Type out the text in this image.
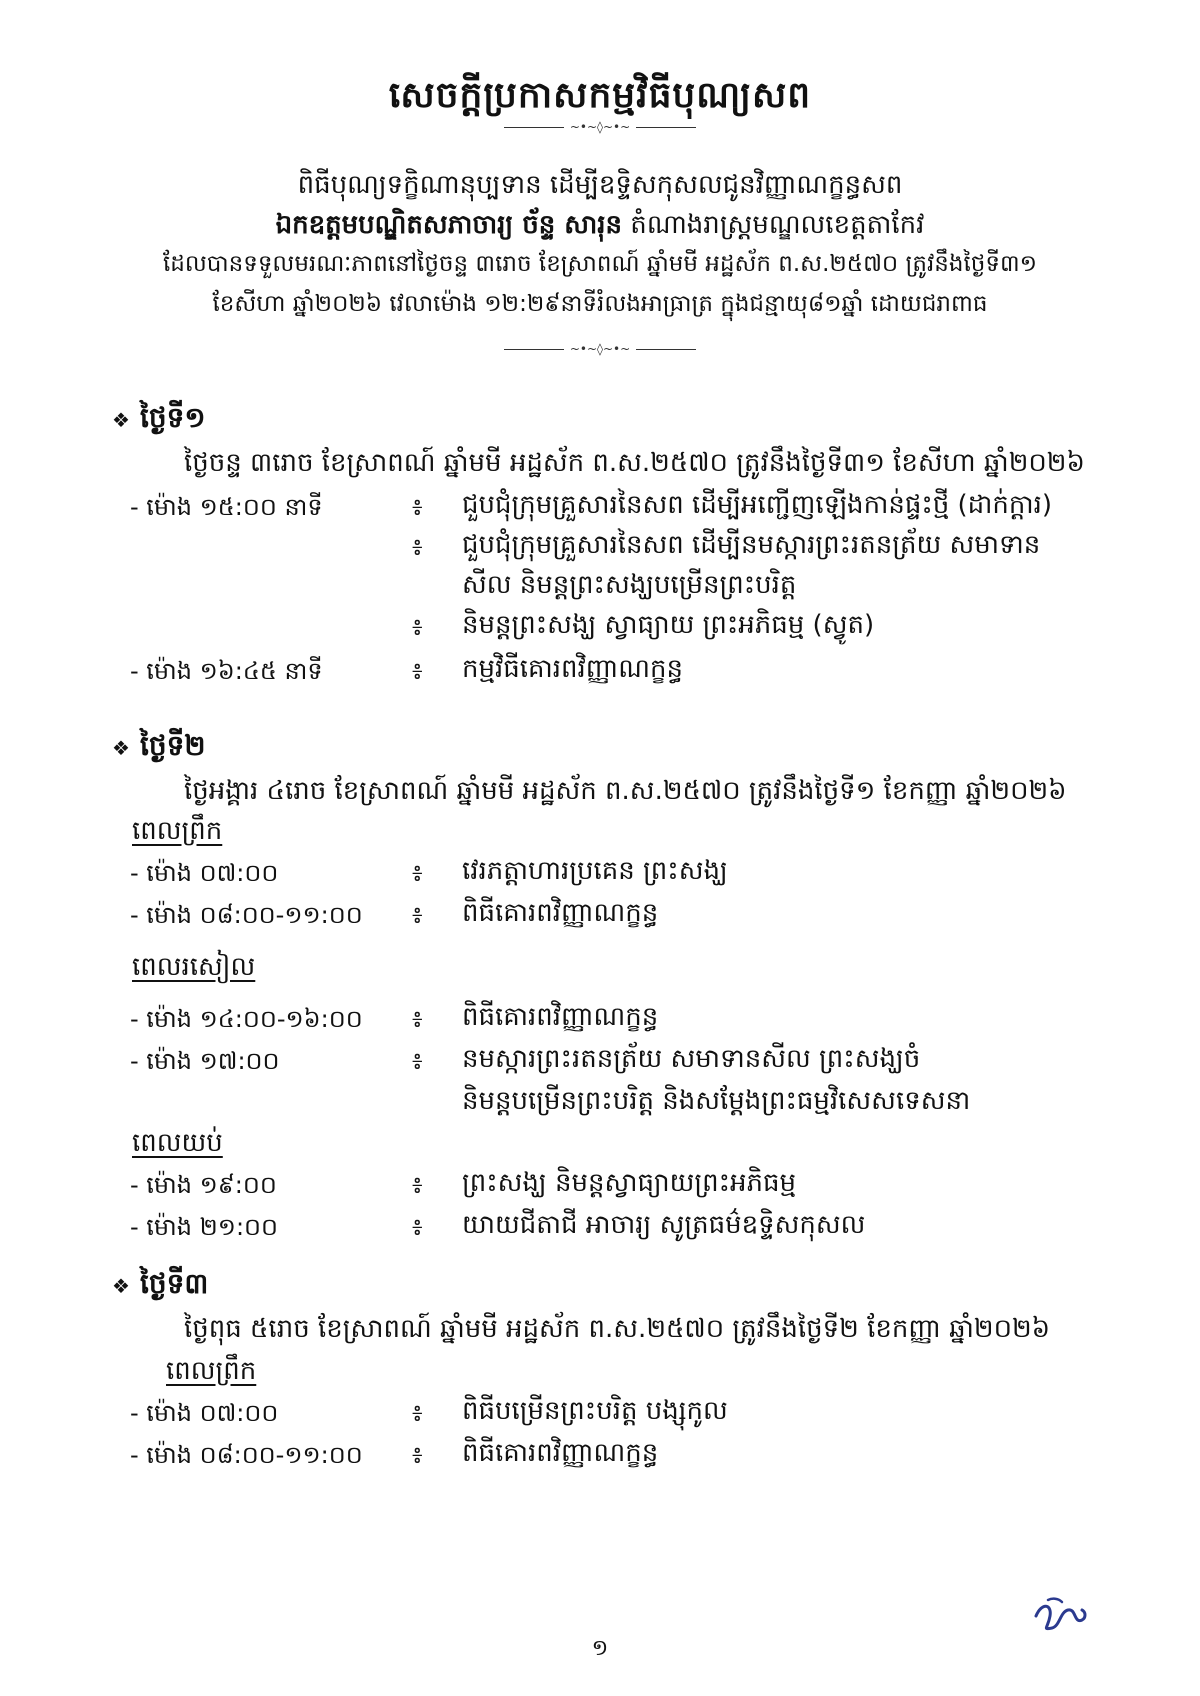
សេចក្តីប្រកាសកម្មវិធីបុណ្យសព
~•~◊~•~
ពិធីបុណ្យទក្ខិណានុប្បទាន ដើម្បីឧទ្ទិសកុសលជូនវិញ្ញាណក្ខន្ធសព
ឯកឧត្តមបណ្ឌិតសភាចារ្យ ច័ន្ទ សារុន តំណាងរាស្ត្រមណ្ឌលខេត្តតាកែវ
ដែលបានទទួលមរណៈភាពនៅថ្ងៃចន្ទ ៣រោច ខែស្រាពណ៍ ឆ្នាំមមី អដ្ឋស័ក ព.ស.២៥៧០ ត្រូវនឹងថ្ងៃទី៣១
ខែសីហា ឆ្នាំ២០២៦ វេលាម៉ោង ១២:២៩នាទីរំលងអាធ្រាត្រ ក្នុងជន្មាយុ៨១ឆ្នាំ ដោយជរាពាធ
~•~◊~•~
❖ ថ្ងៃទី១
ថ្ងៃចន្ទ ៣រោច ខែស្រាពណ៍ ឆ្នាំមមី អដ្ឋស័ក ព.ស.២៥៧០ ត្រូវនឹងថ្ងៃទី៣១ ខែសីហា ឆ្នាំ២០២៦
- ម៉ោង ១៥:០០ នាទី	៖ ជួបជុំក្រុមគ្រួសារនៃសព ដើម្បីអញ្ជើញឡើងកាន់ផ្ទះថ្មី (ដាក់ក្តារ)
៖ ជួបជុំក្រុមគ្រួសារនៃសព ដើម្បីនមស្ការព្រះរតនត្រ័យ សមាទាន
សីល និមន្តព្រះសង្ឃបម្រើនព្រះបរិត្ត
៖ និមន្តព្រះសង្ឃ ស្វាធ្យាយ ព្រះអភិធម្ម (ស្វូត)
- ម៉ោង ១៦:៤៥ នាទី	៖ កម្មវិធីគោរពវិញ្ញាណក្ខន្ធ
❖ ថ្ងៃទី២
ថ្ងៃអង្គារ ៤រោច ខែស្រាពណ៍ ឆ្នាំមមី អដ្ឋស័ក ព.ស.២៥៧០ ត្រូវនឹងថ្ងៃទី១ ខែកញ្ញា ឆ្នាំ២០២៦
ពេលព្រឹក
- ម៉ោង ០៧:០០	៖ វេរភត្តាហារប្រគេន ព្រះសង្ឃ
- ម៉ោង ០៨:០០-១១:០០ ៖ ពិធីគោរពវិញ្ញាណក្ខន្ធ
ពេលរសៀល
- ម៉ោង ១៤:០០-១៦:០០ ៖ ពិធីគោរពវិញ្ញាណក្ខន្ធ
- ម៉ោង ១៧:០០	៖ នមស្ការព្រះរតនត្រ័យ សមាទានសីល ព្រះសង្ឃចំ
និមន្តបម្រើនព្រះបរិត្ត និងសម្តែងព្រះធម្មវិសេសទេសនា
ពេលយប់
- ម៉ោង ១៩:០០	៖ ព្រះសង្ឃ និមន្តស្វាធ្យាយព្រះអភិធម្ម
- ម៉ោង ២១:០០	៖ យាយជីតាជី អាចារ្យ សូត្រធម៌ឧទ្ទិសកុសល
❖ ថ្ងៃទី៣
ថ្ងៃពុធ ៥រោច ខែស្រាពណ៍ ឆ្នាំមមី អដ្ឋស័ក ព.ស.២៥៧០ ត្រូវនឹងថ្ងៃទី២ ខែកញ្ញា ឆ្នាំ២០២៦
ពេលព្រឹក
- ម៉ោង ០៧:០០	៖ ពិធីបម្រើនព្រះបរិត្ត បង្សុកូល
- ម៉ោង ០៨:០០-១១:០០ ៖ ពិធីគោរពវិញ្ញាណក្ខន្ធ
១
